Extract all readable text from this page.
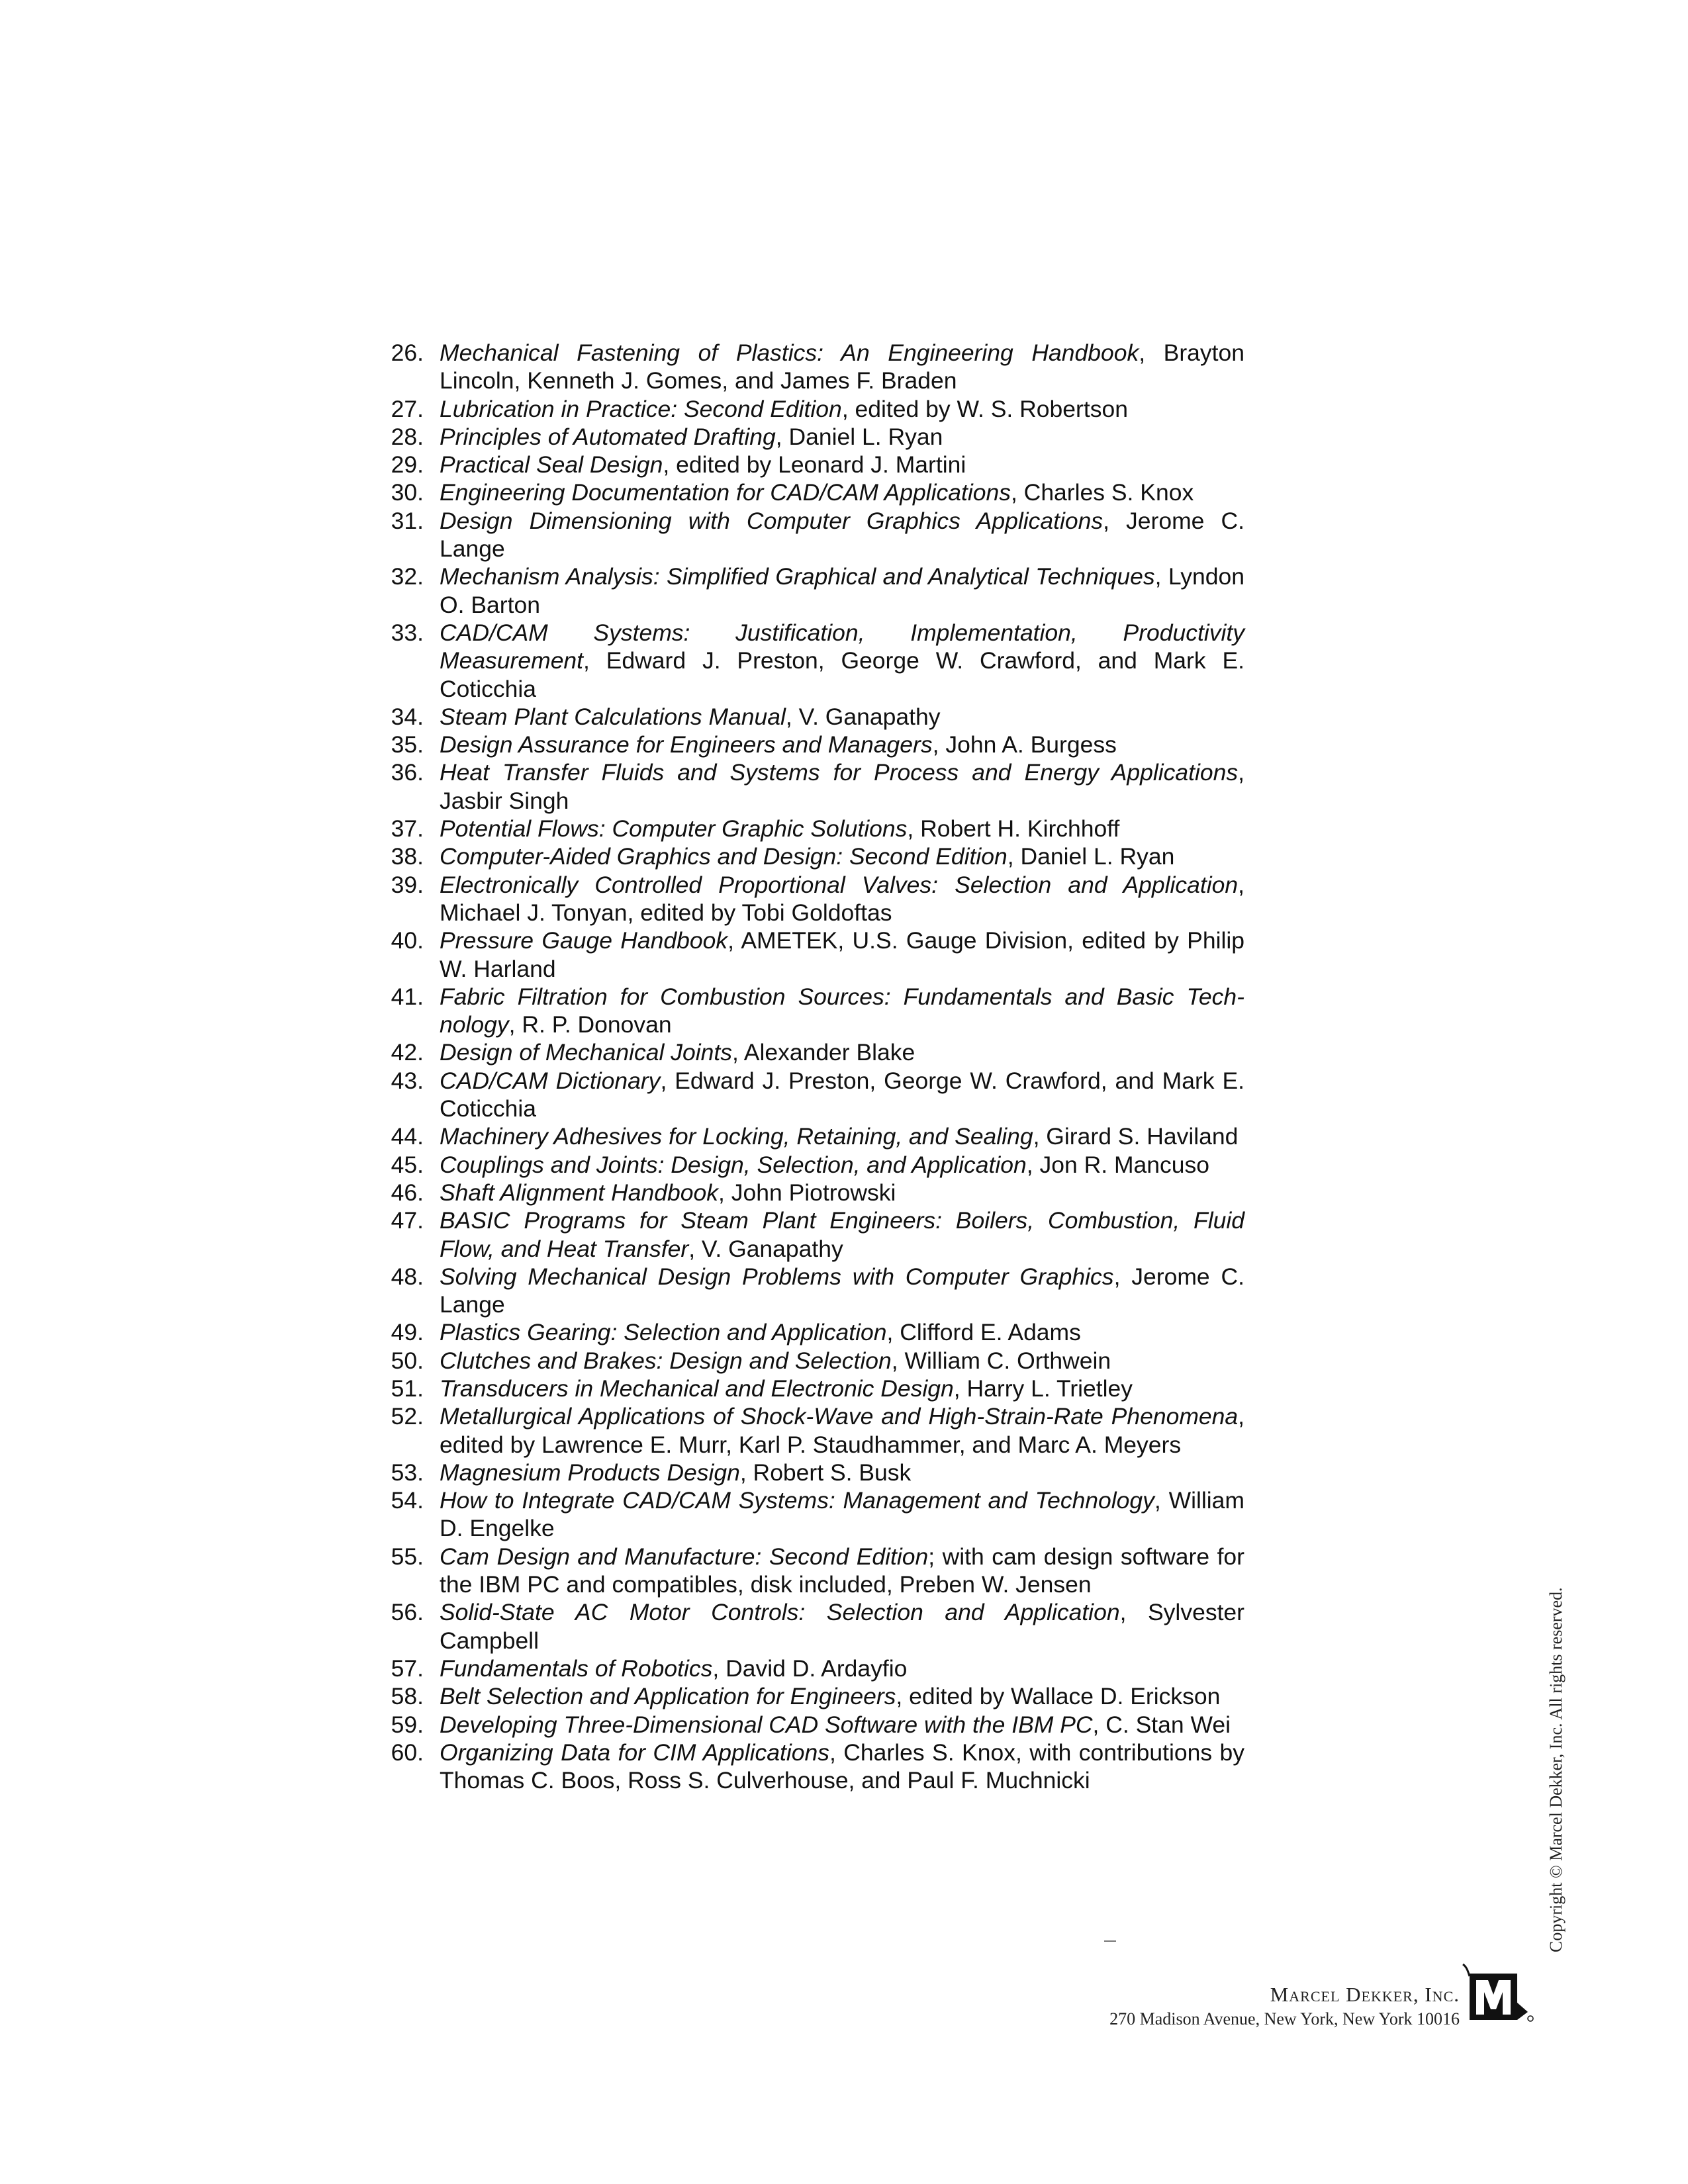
26. Mechanical Fastening of Plastics: An Engineering Handbook, Brayton Lincoln, Kenneth J. Gomes, and James F. Braden
27. Lubrication in Practice: Second Edition, edited by W. S. Robertson
28. Principles of Automated Drafting, Daniel L. Ryan
29. Practical Seal Design, edited by Leonard J. Martini
30. Engineering Documentation for CAD/CAM Applications, Charles S. Knox
31. Design Dimensioning with Computer Graphics Applications, Jerome C. Lange
32. Mechanism Analysis: Simplified Graphical and Analytical Techniques, Lyndon O. Barton
33. CAD/CAM Systems: Justification, Implementation, Productivity Measurement, Edward J. Preston, George W. Crawford, and Mark E. Coticchia
34. Steam Plant Calculations Manual, V. Ganapathy
35. Design Assurance for Engineers and Managers, John A. Burgess
36. Heat Transfer Fluids and Systems for Process and Energy Applications, Jasbir Singh
37. Potential Flows: Computer Graphic Solutions, Robert H. Kirchhoff
38. Computer-Aided Graphics and Design: Second Edition, Daniel L. Ryan
39. Electronically Controlled Proportional Valves: Selection and Application, Michael J. Tonyan, edited by Tobi Goldoftas
40. Pressure Gauge Handbook, AMETEK, U.S. Gauge Division, edited by Philip W. Harland
41. Fabric Filtration for Combustion Sources: Fundamentals and Basic Technology, R. P. Donovan
42. Design of Mechanical Joints, Alexander Blake
43. CAD/CAM Dictionary, Edward J. Preston, George W. Crawford, and Mark E. Coticchia
44. Machinery Adhesives for Locking, Retaining, and Sealing, Girard S. Haviland
45. Couplings and Joints: Design, Selection, and Application, Jon R. Mancuso
46. Shaft Alignment Handbook, John Piotrowski
47. BASIC Programs for Steam Plant Engineers: Boilers, Combustion, Fluid Flow, and Heat Transfer, V. Ganapathy
48. Solving Mechanical Design Problems with Computer Graphics, Jerome C. Lange
49. Plastics Gearing: Selection and Application, Clifford E. Adams
50. Clutches and Brakes: Design and Selection, William C. Orthwein
51. Transducers in Mechanical and Electronic Design, Harry L. Trietley
52. Metallurgical Applications of Shock-Wave and High-Strain-Rate Phenomena, edited by Lawrence E. Murr, Karl P. Staudhammer, and Marc A. Meyers
53. Magnesium Products Design, Robert S. Busk
54. How to Integrate CAD/CAM Systems: Management and Technology, William D. Engelke
55. Cam Design and Manufacture: Second Edition; with cam design software for the IBM PC and compatibles, disk included, Preben W. Jensen
56. Solid-State AC Motor Controls: Selection and Application, Sylvester Campbell
57. Fundamentals of Robotics, David D. Ardayfio
58. Belt Selection and Application for Engineers, edited by Wallace D. Erickson
59. Developing Three-Dimensional CAD Software with the IBM PC, C. Stan Wei
60. Organizing Data for CIM Applications, Charles S. Knox, with contributions by Thomas C. Boos, Ross S. Culverhouse, and Paul F. Muchnicki	Copyright © Marcel Dekker, Inc. All rights reserved.
Marcel Dekker, Inc.
270 Madison Avenue, New York, New York 10016
